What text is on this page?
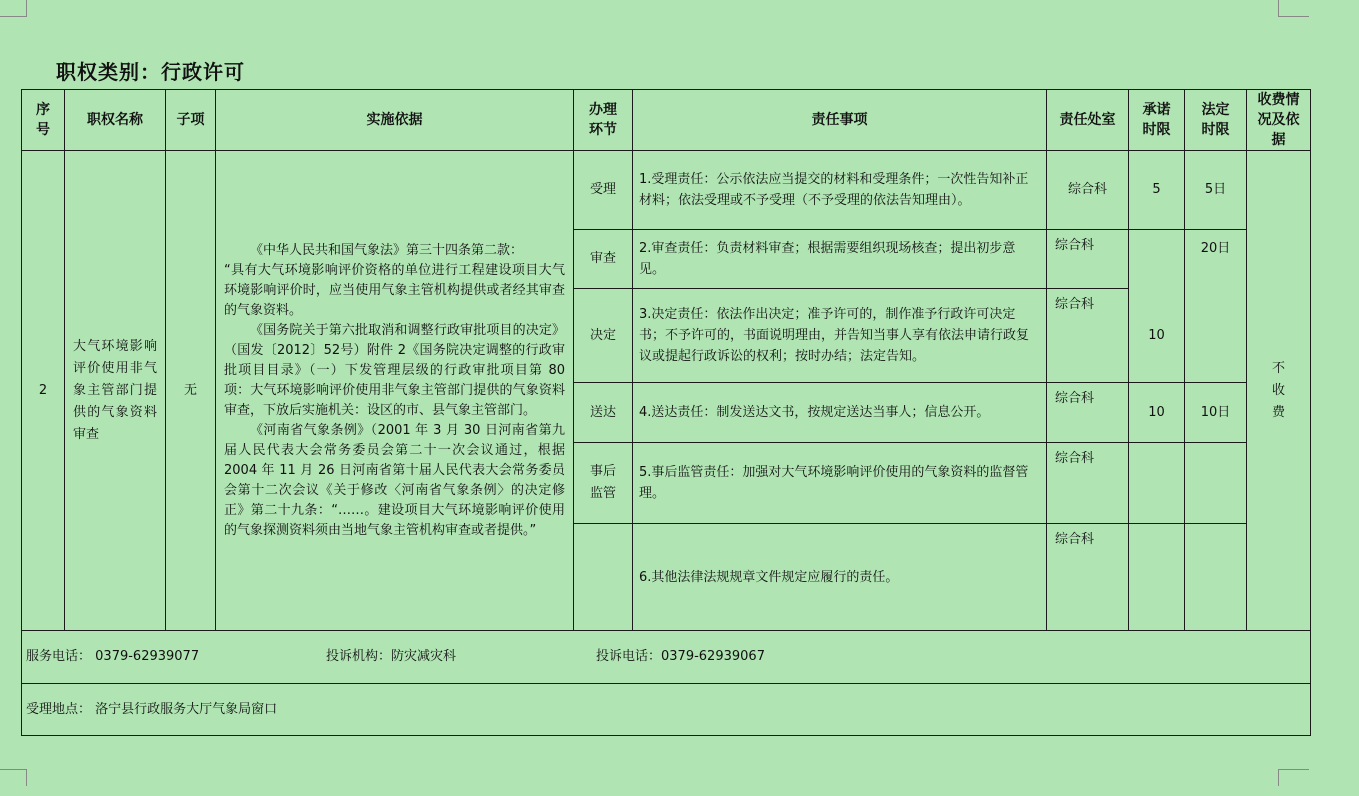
职权类别：行政许可
序号	职权名称	子项	实施依据	办理环节	责任事项	责任处室	承诺时限	法定时限	收费情况及依据
2	大气环境影响评价使用非气象主管部门提供的气象资料审查	无	《中华人民共和国气象法》第三十四条第二款：

“具有大气环境影响评价资格的单位进行工程建设项目大气环境影响评价时，应当使用气象主管机构提供或者经其审查的气象资料。

《国务院关于第六批取消和调整行政审批项目的决定》（国发〔2012〕52号）附件 2《国务院决定调整的行政审批项目目录》（一）下发管理层级的行政审批项目第 80 项：大气环境影响评价使用非气象主管部门提供的气象资料审查，下放后实施机关：设区的市、县气象主管部门。

《河南省气象条例》（2001 年 3 月 30 日河南省第九届人民代表大会常务委员会第二十一次会议通过，根据 2004 年 11 月 26 日河南省第十届人民代表大会常务委员会第十二次会议《关于修改〈河南省气象条例〉的决定修正》第二十九条：“……。建设项目大气环境影响评价使用的气象探测资料须由当地气象主管机构审查或者提供。”	受理	1.受理责任：公示依法应当提交的材料和受理条件；一次性告知补正材料；依法受理或不予受理（不予受理的依法告知理由）。	综合科	5	5日	不收费
				审查	2.审查责任：负责材料审查；根据需要组织现场核查；提出初步意见。	综合科	10	20日	
				决定	3.决定责任：依法作出决定；准予许可的，制作准予行政许可决定书；不予许可的，书面说明理由，并告知当事人享有依法申请行政复议或提起行政诉讼的权利；按时办结；法定告知。	综合科			
				送达	4.送达责任：制发送达文书，按规定送达当事人；信息公开。	综合科	10	10日	
				事后监管	5.事后监管责任：加强对大气环境影响评价使用的气象资料的监督管理。	综合科			
					6.其他法律法规规章文件规定应履行的责任。	综合科			
服务电话： 0379-62939077 投诉机构：防灾减灾科 投诉电话：0379-62939067									
受理地点： 洛宁县行政服务大厅气象局窗口									
